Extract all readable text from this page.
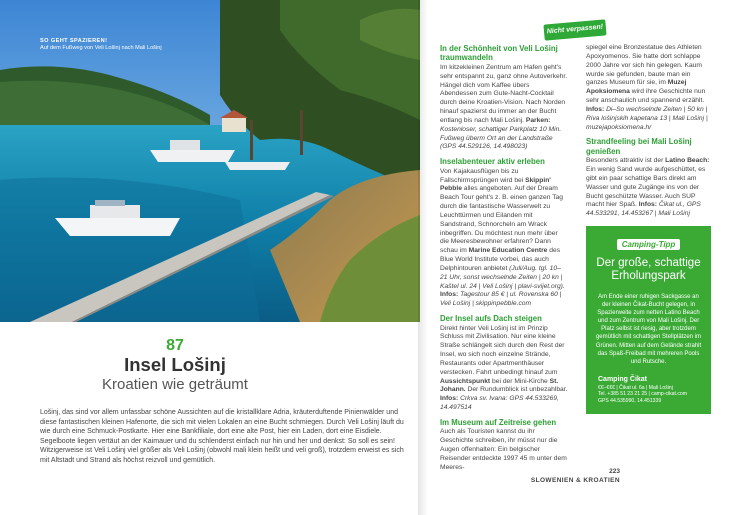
SO GEHT SPAZIEREN!
Auf dem Fußweg von Veli Lošinj nach Mali Lošinj
87
Insel Lošinj
Kroatien wie geträumt
Lošinj, das sind vor allem unfassbar schöne Aussichten auf die kristallklare Adria, kräuterduftende Pinienwälder und diese fantastischen kleinen Hafenorte, die sich mit vielen Lokalen an eine Bucht schmiegen. Durch Veli Lošinj läuft du wie durch eine Schmuck-Postkarte. Hier eine Bankfiliale, dort eine alte Post, hier ein Laden, dort eine Eisdiele. Segelboote liegen vertäut an der Kaimauer und du schlenderst einfach nur hin und her und denkst: So soll es sein! Witzigerweise ist Veli Lošinj viel größer als Veli Lošinj (obwohl mali klein heißt und veli groß), trotzdem erweist es sich mit Altstadt und Strand als höchst reizvoll und gemütlich.
Nicht verpassen!
In der Schönheit von Veli Lošinj traumwandeln

Im kitzekleinen Zentrum am Hafen geht's sehr entspannt zu, ganz ohne Autoverkehr. Hängel dich vom Kaffee übers Abendessen zum Gute-Nacht-Cocktail durch deine Kroatien-Vision. Nach Norden hinauf spazierst du immer an der Bucht entlang bis nach Mali Lošinj. Parken: Kostenloser, schattiger Parkplatz 10 Min. Fußweg überm Ort an der Landstraße (GPS 44.529126, 14.498023)

Inselabenteuer aktiv erleben

Von Kajakausflügen bis zu Fallschirmsprüngen wird bei Skippin' Pebble alles angeboten. Auf der Dream Beach Tour geht's z. B. einen ganzen Tag durch die fantastische Wasserwelt zu Leuchttürmen und Eilanden mit Sandstrand, Schnorcheln am Wrack inbegriffen. Du möchtest nun mehr über die Meeresbewohner erfahren? Dann schau im Marine Education Centre des Blue World Institute vorbei, das auch Delphintouren anbietet (Juli/Aug. tgl. 10–21 Uhr, sonst wechselnde Zeiten | 20 kn | Kaštel ul. 24 | Veli Lošinj | plavi-svijet.org). Infos: Tagestour 85 € | ul. Rovenska 60 | Veli Lošinj | skippinpebble.com

Der Insel aufs Dach steigen

Direkt hinter Veli Lošinj ist im Prinzip Schluss mit Zivilisation. Nur eine kleine Straße schlängelt sich durch den Rest der Insel, wo sich noch einzelne Strände, Restaurants oder Apartmenthäuser verstecken. Fahrt unbedingt hinauf zum Aussichtspunkt bei der Mini-Kirche St. Johann. Der Rundumblick ist unbezahlbar. Infos: Crkva sv. Ivana: GPS 44.533269, 14.497514

Im Museum auf Zeitreise gehen

Auch als Touristen kannst du ihr Geschichte schreiben, ihr müsst nur die Augen offenhalten: Ein belgischer Reisender entdeckte 1997 45 m unter dem Meeres-

spiegel eine Bronzestatue des Athleten Apoxyomenos. Sie hatte dort schlappe 2000 Jahre vor sich hin gelegen. Kaum wurde sie gefunden, baute man ein ganzes Museum für sie, im Muzej Apoksiomena wird ihre Geschichte nun sehr anschaulich und spannend erzählt. Infos: Di–So wechselnde Zeiten | 50 kn | Riva lošinjskih kapetana 13 | Mali Lošinj | muzejapoksiomena.hr

Strandfeeling bei Mali Lošinj genießen

Besonders attraktiv ist der Latino Beach: Ein wenig Sand wurde aufgeschüttet, es gibt ein paar schattige Bars direkt am Wasser und gute Zugänge ins von der Bucht geschützte Wasser. Auch SUP macht hier Spaß. Infos: Čikat ul., GPS 44.533291, 14.453267 | Mali Lošinj

Camping-Tipp
Der große, schattige Erholungspark
Am Ende einer ruhigen Sackgasse an der kleinen Čikat-Bucht gelegen, in Spazierweite zum netten Latino Beach und zum Zentrum von Mali Lošinj. Der Platz selbst ist riesig, aber trotzdem gemütlich mit schattigen Stellplätzen im Grünen. Mitten auf dem Gelände strahlt das Spaß-Freibad mit mehreren Pools und Rutsche.
Camping Čikat
€€–€€€ | Čikat ul. 6a | Mali Lošinj
Tel. +385 51 23 21 25 | camp-cikat.com
GPS 44.535990, 14.451339
223
SLOWENIEN & KROATIEN
